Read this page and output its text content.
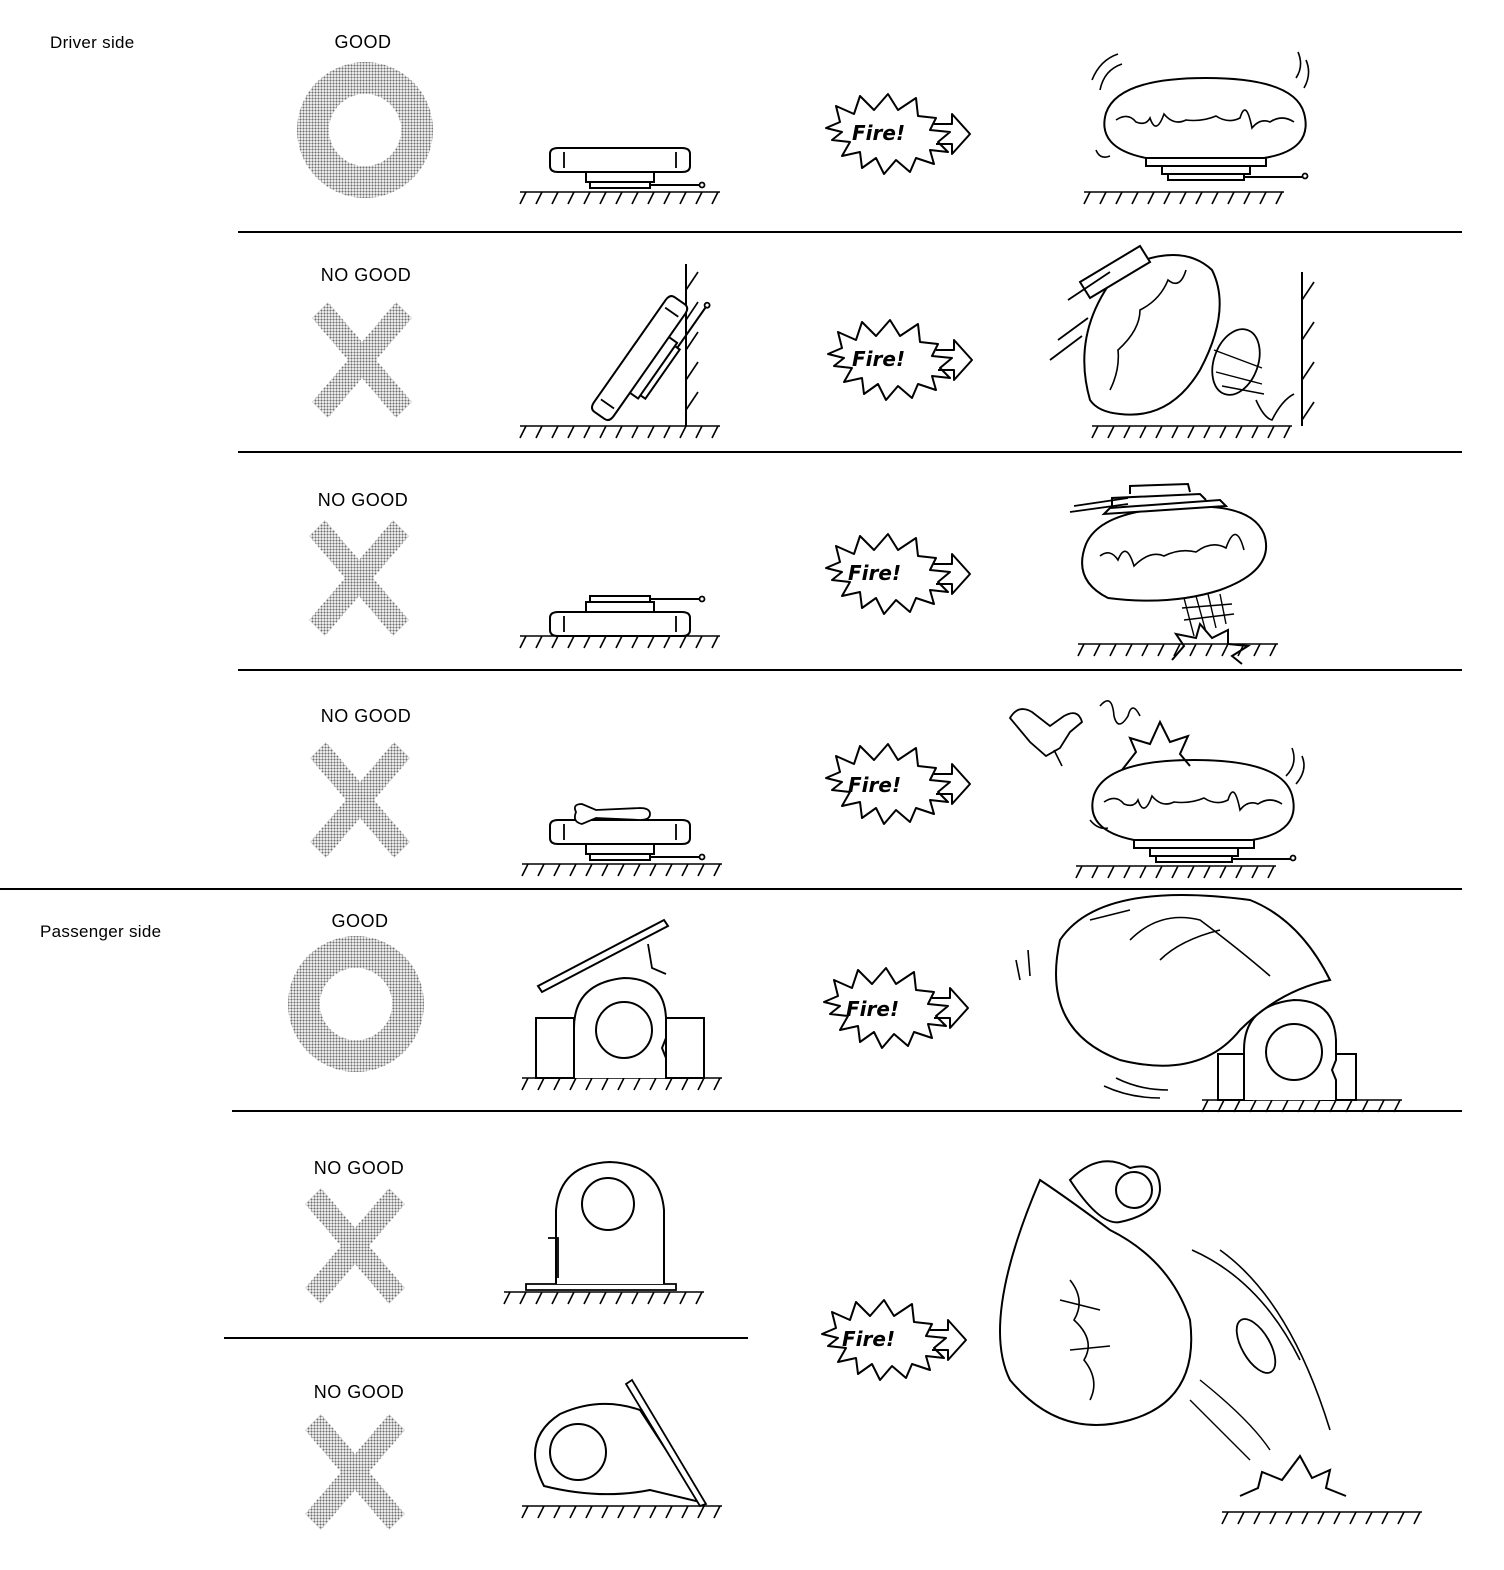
Driver side
Passenger side
GOOD
NO GOOD
NO GOOD
NO GOOD
GOOD
NO GOOD
NO GOOD
Fire!
Fire!
Fire!
Fire!
Fire!
Fire!
